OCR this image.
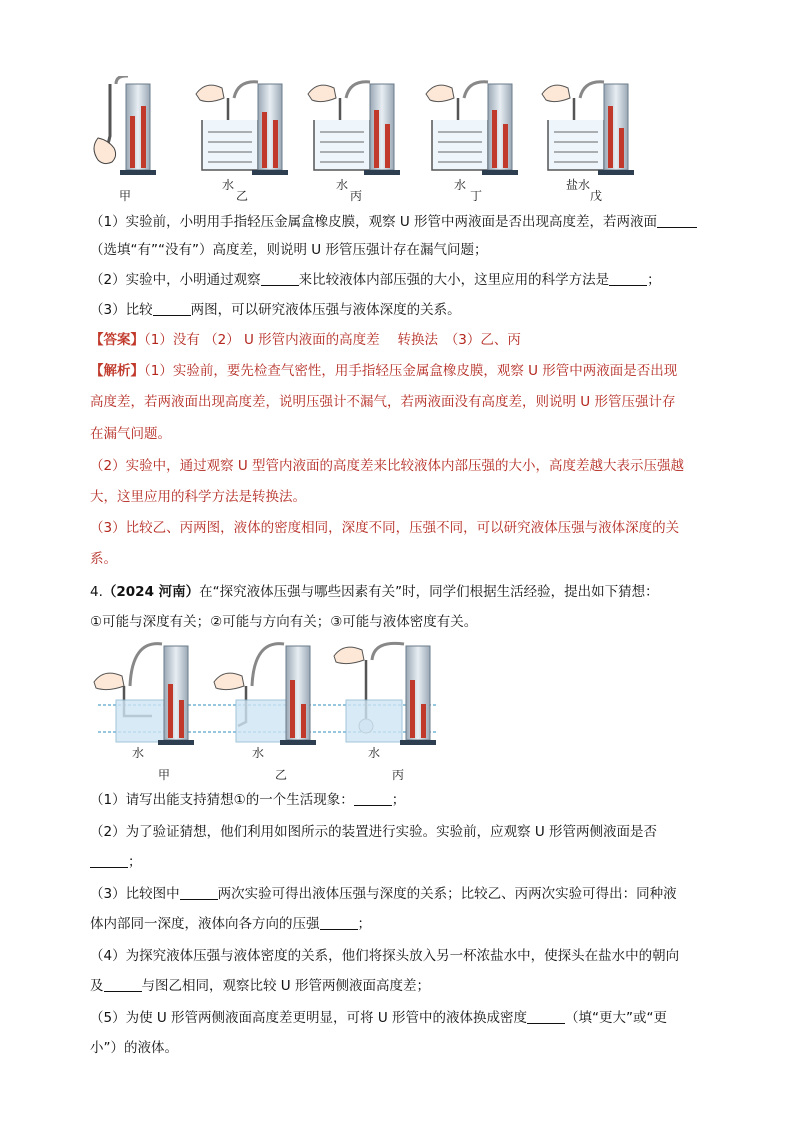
甲
水
乙
水
丙
水
丁
盐水
戊
（1）实验前，小明用手指轻压金属盒橡皮膜，观察 U 形管中两液面是否出现高度差，若两液面
（选填“有”“没有”）高度差，则说明 U 形管压强计存在漏气问题；
（2）实验中，小明通过观察	来比较液体内部压强的大小，这里应用的科学方法是	；
（3）比较	两图，可以研究液体压强与液体深度的关系。
【答案】（1）没有 （2） U 形管内液面的高度差　 转换法　（3）乙、丙
【解析】（1）实验前，要先检查气密性，用手指轻压金属盒橡皮膜，观察 U 形管中两液面是否出现
高度差，若两液面出现高度差，说明压强计不漏气，若两液面没有高度差，则说明 U 形管压强计存
在漏气问题。
（2）实验中，通过观察 U 型管内液面的高度差来比较液体内部压强的大小，高度差越大表示压强越
大，这里应用的科学方法是转换法。
（3）比较乙、丙两图，液体的密度相同，深度不同，压强不同，可以研究液体压强与液体深度的关
系。
4.（2024 河南）在“探究液体压强与哪些因素有关”时，同学们根据生活经验，提出如下猜想：
①可能与深度有关；②可能与方向有关；③可能与液体密度有关。
水	水	水
甲	乙	丙
（1）请写出能支持猜想①的一个生活现象：	；
（2）为了验证猜想，他们利用如图所示的装置进行实验。实验前，应观察 U 形管两侧液面是否
；
（3）比较图中	两次实验可得出液体压强与深度的关系；比较乙、丙两次实验可得出：同种液
体内部同一深度，液体向各方向的压强	；
（4）为探究液体压强与液体密度的关系，他们将探头放入另一杯浓盐水中，使探头在盐水中的朝向
及	与图乙相同，观察比较 U 形管两侧液面高度差；
（5）为使 U 形管两侧液面高度差更明显，可将 U 形管中的液体换成密度	（填“更大”或“更
小”）的液体。
